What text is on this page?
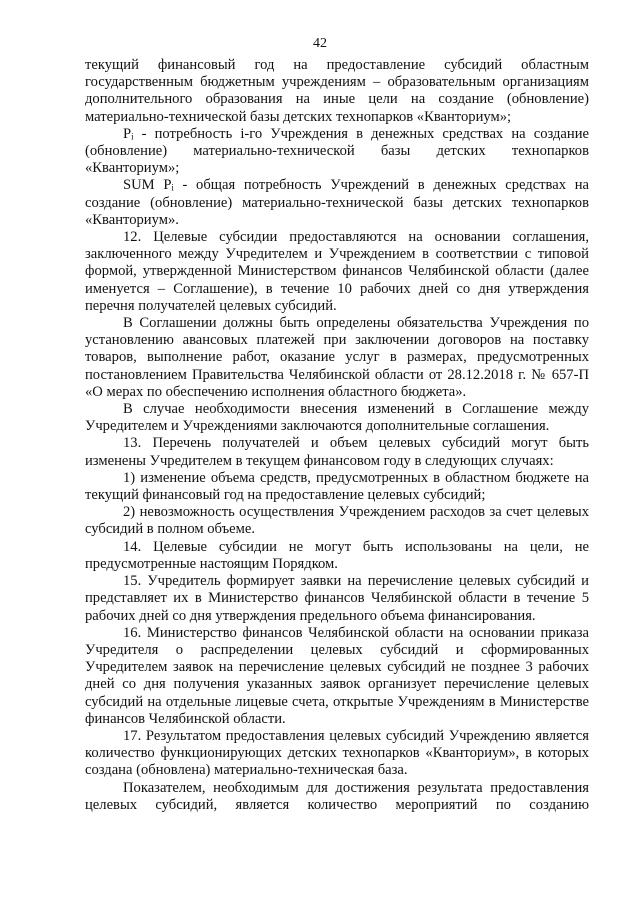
42

текущий финансовый год на предоставление субсидий областным государственным бюджетным учреждениям – образовательным организациям дополнительного образования на иные цели на создание (обновление) материально-технической базы детских технопарков «Кванториум»;

Pᵢ - потребность i-го Учреждения в денежных средствах на создание (обновление) материально-технической базы детских технопарков «Кванториум»;

SUM Pᵢ - общая потребность Учреждений в денежных средствах на создание (обновление) материально-технической базы детских технопарков «Кванториум».

12. Целевые субсидии предоставляются на основании соглашения, заключенного между Учредителем и Учреждением в соответствии с типовой формой, утвержденной Министерством финансов Челябинской области (далее именуется – Соглашение), в течение 10 рабочих дней со дня утверждения перечня получателей целевых субсидий.

В Соглашении должны быть определены обязательства Учреждения по установлению авансовых платежей при заключении договоров на поставку товаров, выполнение работ, оказание услуг в размерах, предусмотренных постановлением Правительства Челябинской области от 28.12.2018 г. № 657-П «О мерах по обеспечению исполнения областного бюджета».

В случае необходимости внесения изменений в Соглашение между Учредителем и Учреждениями заключаются дополнительные соглашения.

13. Перечень получателей и объем целевых субсидий могут быть изменены Учредителем в текущем финансовом году в следующих случаях:

1) изменение объема средств, предусмотренных в областном бюджете на текущий финансовый год на предоставление целевых субсидий;

2) невозможность осуществления Учреждением расходов за счет целевых субсидий в полном объеме.

14. Целевые субсидии не могут быть использованы на цели, не предусмотренные настоящим Порядком.

15. Учредитель формирует заявки на перечисление целевых субсидий и представляет их в Министерство финансов Челябинской области в течение 5 рабочих дней со дня утверждения предельного объема финансирования.

16. Министерство финансов Челябинской области на основании приказа Учредителя о распределении целевых субсидий и сформированных Учредителем заявок на перечисление целевых субсидий не позднее 3 рабочих дней со дня получения указанных заявок организует перечисление целевых субсидий на отдельные лицевые счета, открытые Учреждениям в Министерстве финансов Челябинской области.

17. Результатом предоставления целевых субсидий Учреждению является количество функционирующих детских технопарков «Кванториум», в которых создана (обновлена) материально-техническая база.

Показателем, необходимым для достижения результата предоставления целевых субсидий, является количество мероприятий по созданию
